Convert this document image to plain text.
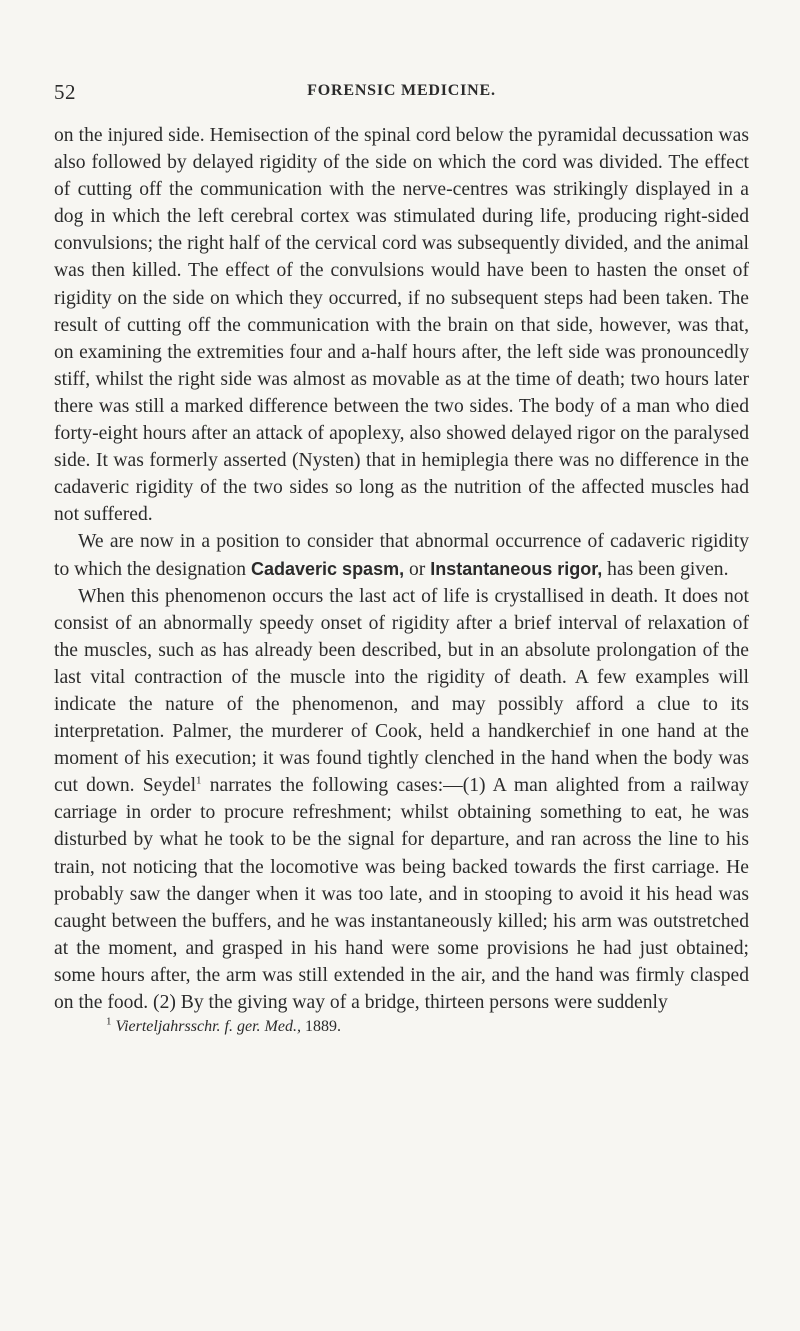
52	FORENSIC MEDICINE.

on the injured side. Hemisection of the spinal cord below the pyramidal decussation was also followed by delayed rigidity of the side on which the cord was divided. The effect of cutting off the communication with the nerve-centres was strikingly displayed in a dog in which the left cerebral cortex was stimulated during life, producing right-sided convulsions; the right half of the cervical cord was subsequently divided, and the animal was then killed. The effect of the convulsions would have been to hasten the onset of rigidity on the side on which they occurred, if no subsequent steps had been taken. The result of cutting off the communication with the brain on that side, however, was that, on examining the extremities four and a-half hours after, the left side was pronouncedly stiff, whilst the right side was almost as movable as at the time of death; two hours later there was still a marked difference between the two sides. The body of a man who died forty-eight hours after an attack of apoplexy, also showed delayed rigor on the paralysed side. It was formerly asserted (Nysten) that in hemiplegia there was no difference in the cadaveric rigidity of the two sides so long as the nutrition of the affected muscles had not suffered.

We are now in a position to consider that abnormal occurrence of cadaveric rigidity to which the designation Cadaveric spasm, or Instantaneous rigor, has been given.

When this phenomenon occurs the last act of life is crystallised in death. It does not consist of an abnormally speedy onset of rigidity after a brief interval of relaxation of the muscles, such as has already been described, but in an absolute prolongation of the last vital contraction of the muscle into the rigidity of death. A few examples will indicate the nature of the phenomenon, and may possibly afford a clue to its interpretation. Palmer, the murderer of Cook, held a handkerchief in one hand at the moment of his execution; it was found tightly clenched in the hand when the body was cut down. Seydel$^1$ narrates the following cases:—(1) A man alighted from a railway carriage in order to procure refreshment; whilst obtaining something to eat, he was disturbed by what he took to be the signal for departure, and ran across the line to his train, not noticing that the locomotive was being backed towards the first carriage. He probably saw the danger when it was too late, and in stooping to avoid it his head was caught between the buffers, and he was instantaneously killed; his arm was outstretched at the moment, and grasped in his hand were some provisions he had just obtained; some hours after, the arm was still extended in the air, and the hand was firmly clasped on the food. (2) By the giving way of a bridge, thirteen persons were suddenly

$^1$ Vierteljahrsschr. f. ger. Med., 1889.
